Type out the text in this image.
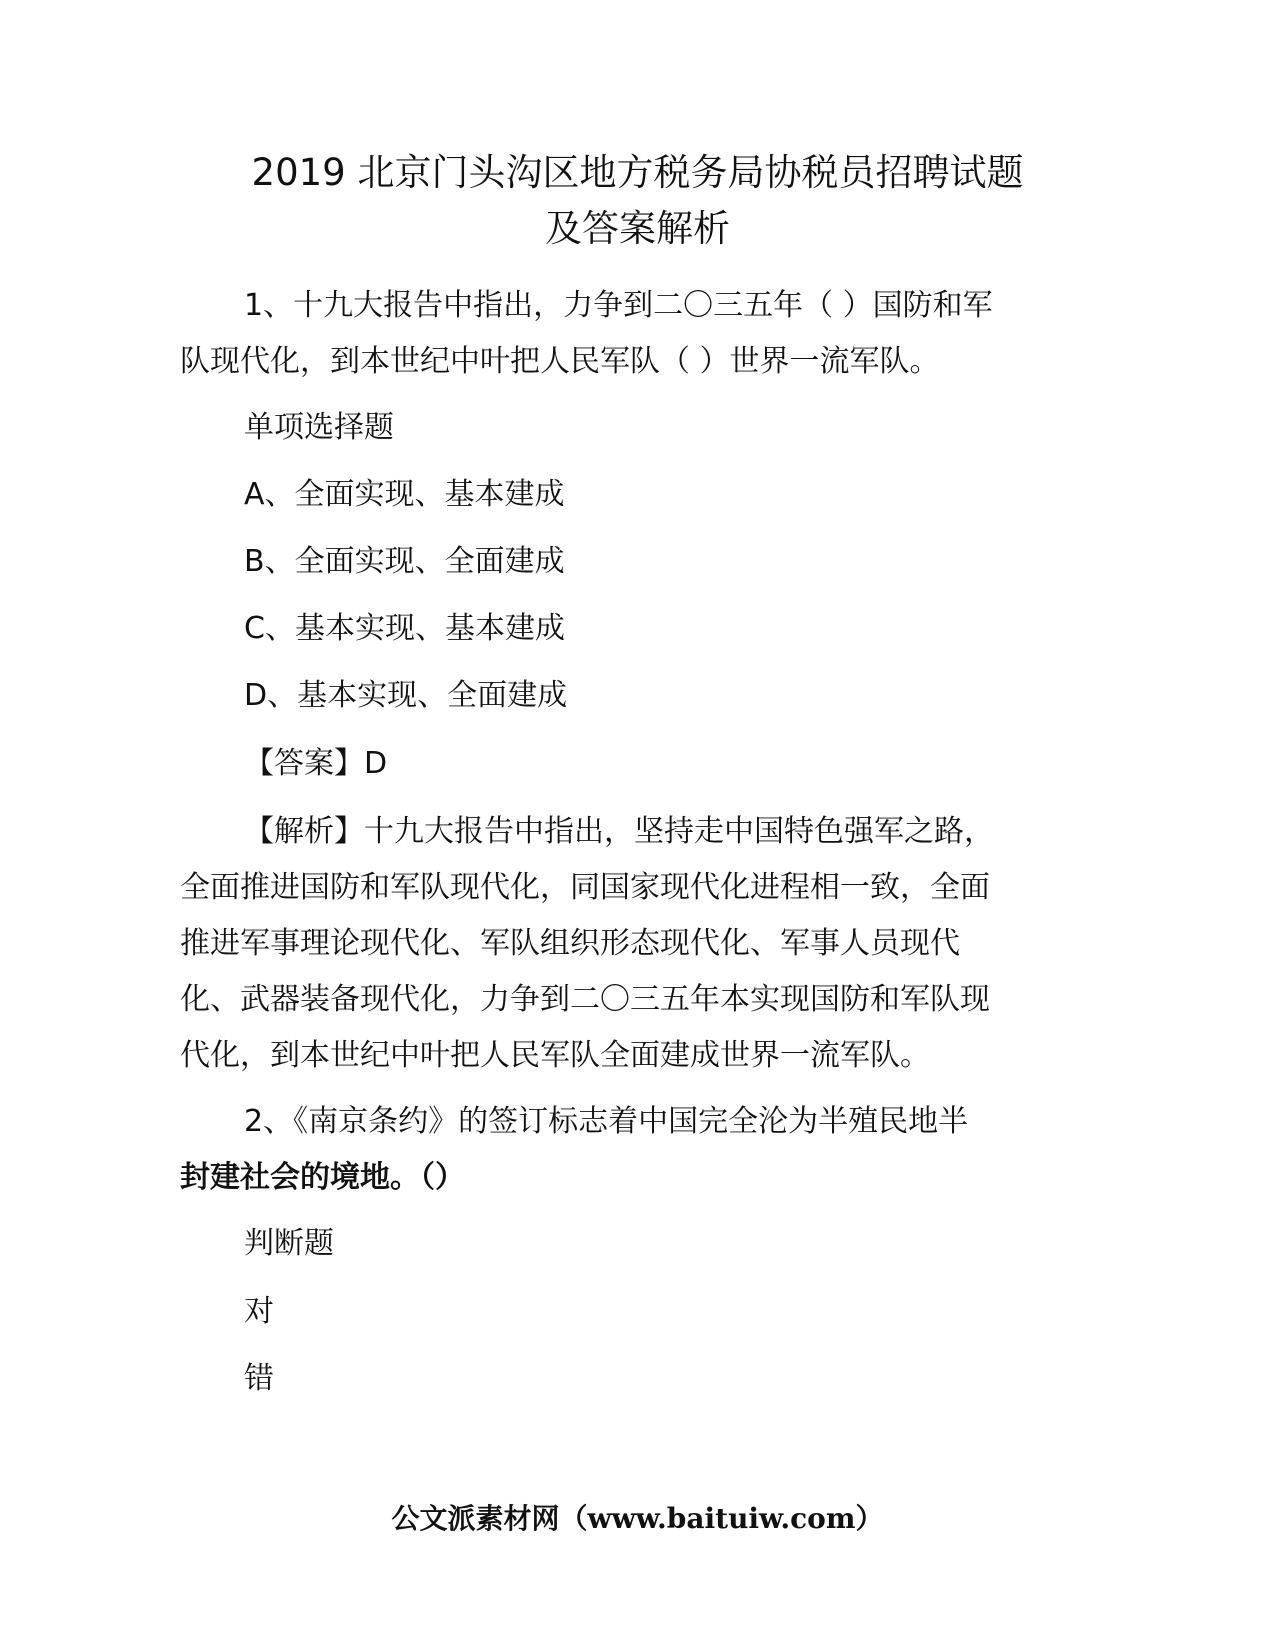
2019 北京门头沟区地方税务局协税员招聘试题
及答案解析

1、十九大报告中指出，力争到二〇三五年（ ）国防和军

队现代化，到本世纪中叶把人民军队（ ）世界一流军队。

单项选择题

A、全面实现、基本建成

B、全面实现、全面建成

C、基本实现、基本建成

D、基本实现、全面建成

【答案】D

【解析】十九大报告中指出，坚持走中国特色强军之路，

全面推进国防和军队现代化，同国家现代化进程相一致，全面

推进军事理论现代化、军队组织形态现代化、军事人员现代

化、武器装备现代化，力争到二〇三五年本实现国防和军队现

代化，到本世纪中叶把人民军队全面建成世界一流军队。

2、《南京条约》的签订标志着中国完全沦为半殖民地半

封建社会的境地。（）

判断题

对

错

公文派素材网（www.baituiw.com）
